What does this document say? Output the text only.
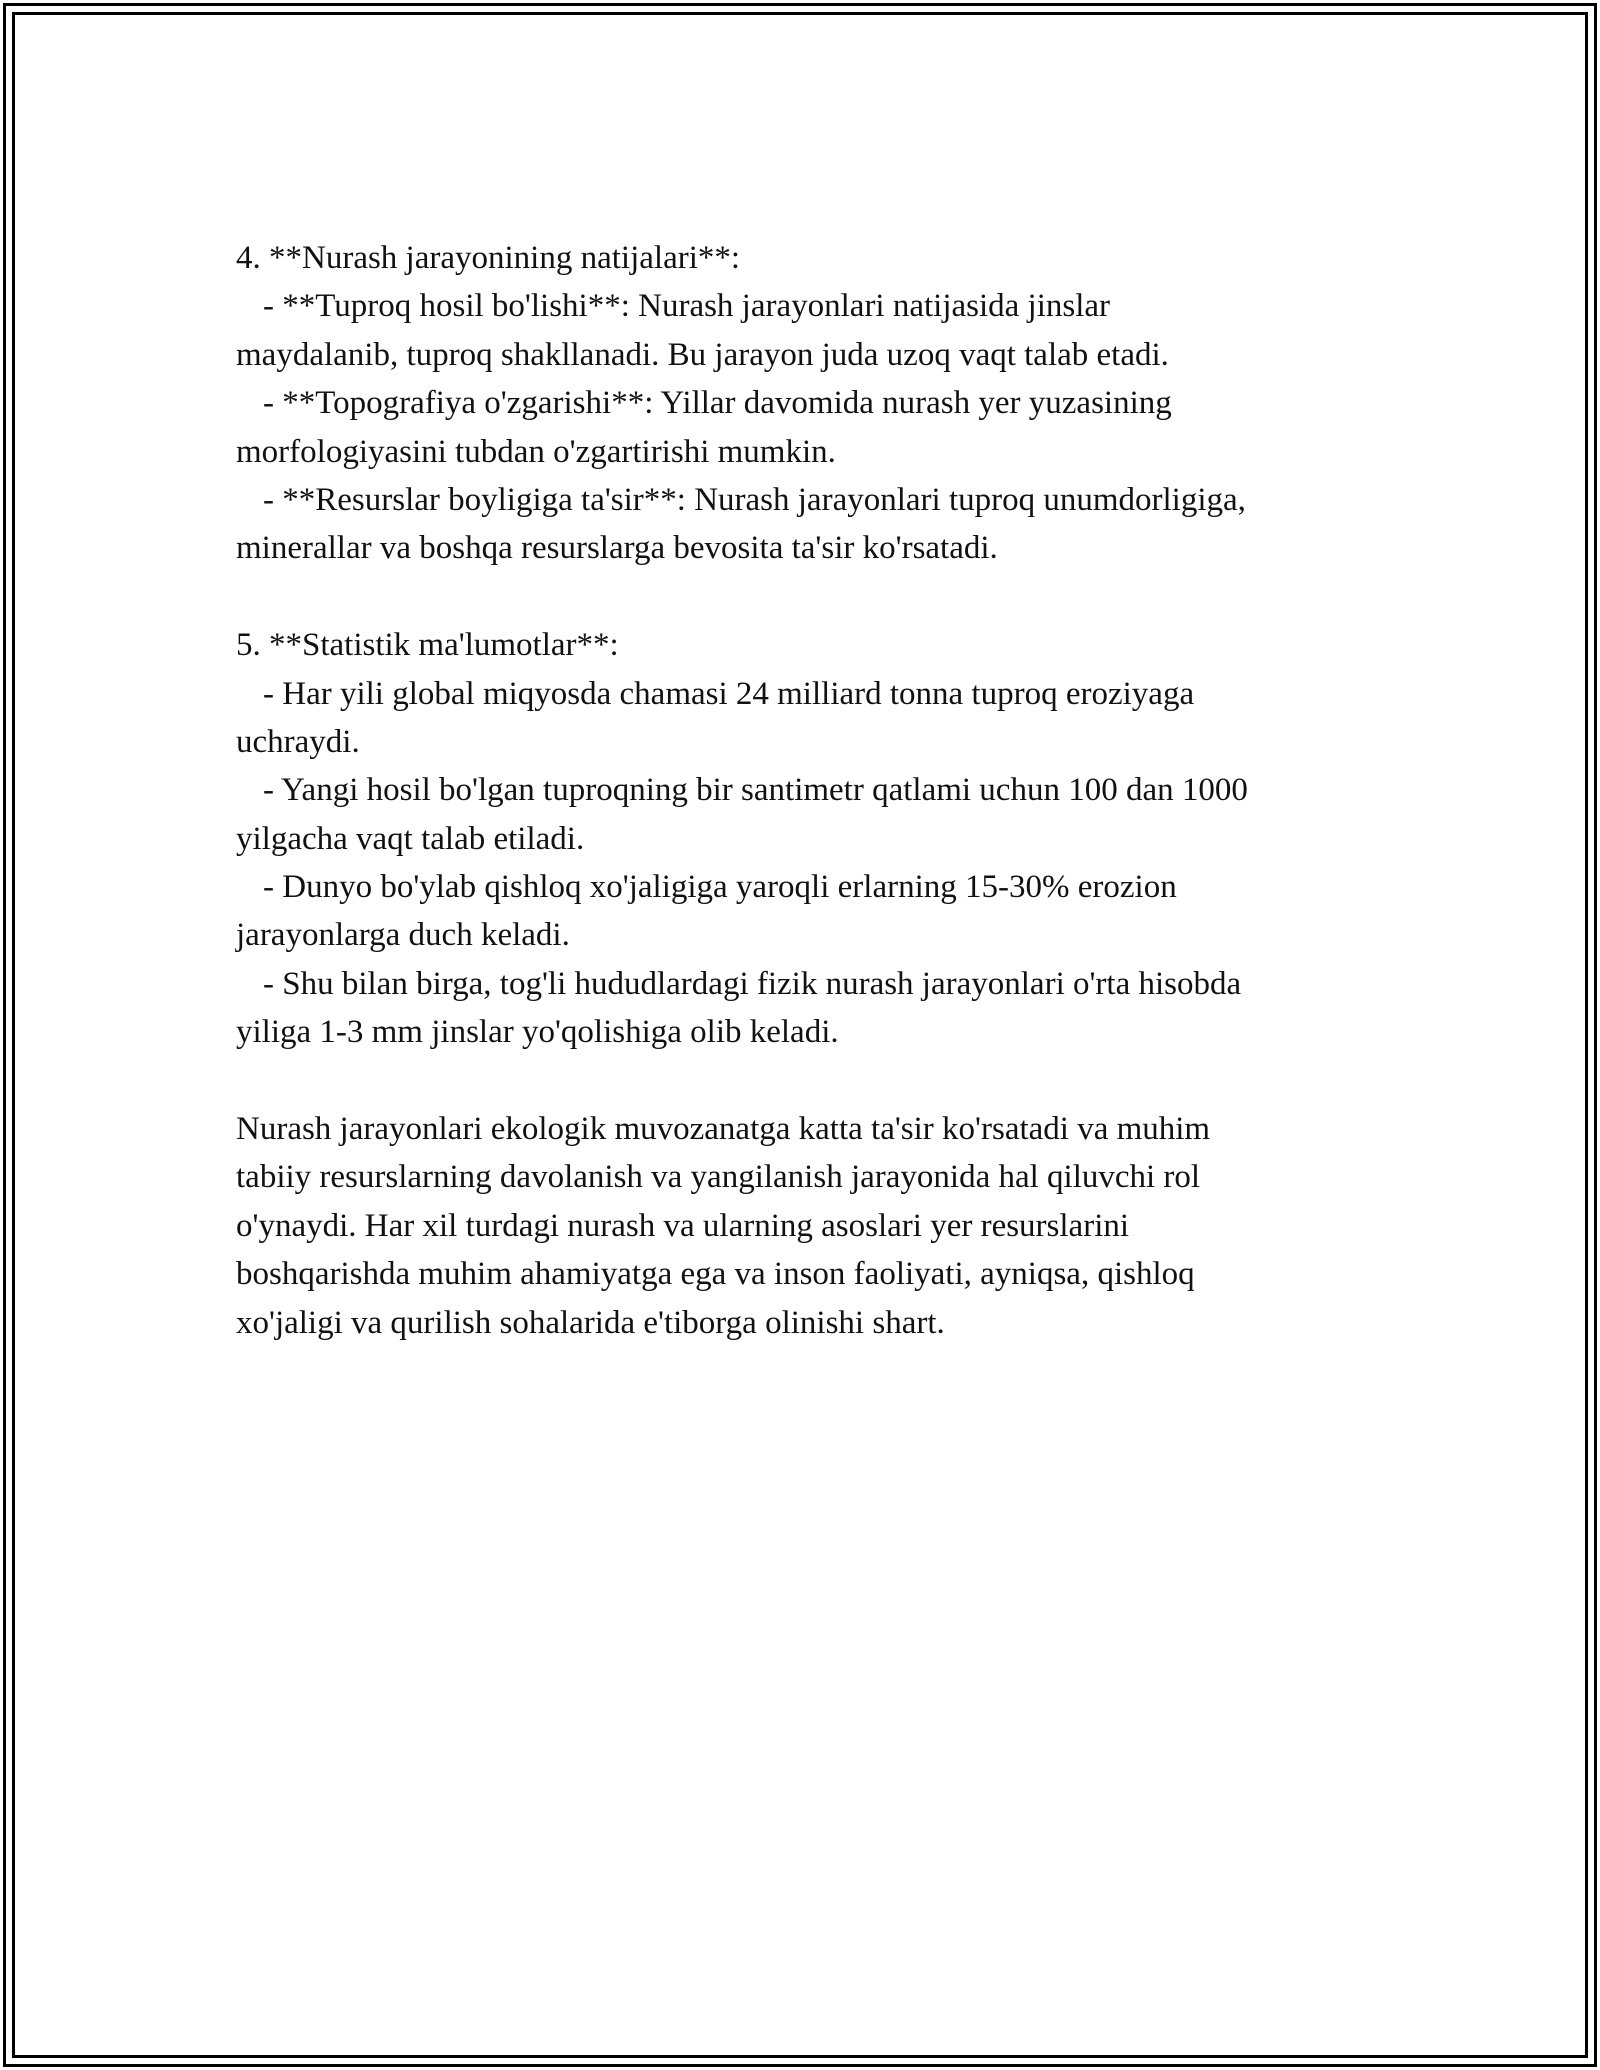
4. **Nurash jarayonining natijalari**:
- **Tuproq hosil bo'lishi**: Nurash jarayonlari natijasida jinslar
maydalanib, tuproq shakllanadi. Bu jarayon juda uzoq vaqt talab etadi.
- **Topografiya o'zgarishi**: Yillar davomida nurash yer yuzasining
morfologiyasini tubdan o'zgartirishi mumkin.
- **Resurslar boyligiga ta'sir**: Nurash jarayonlari tuproq unumdorligiga,
minerallar va boshqa resurslarga bevosita ta'sir ko'rsatadi.
5. **Statistik ma'lumotlar**:
- Har yili global miqyosda chamasi 24 milliard tonna tuproq eroziyaga
uchraydi.
- Yangi hosil bo'lgan tuproqning bir santimetr qatlami uchun 100 dan 1000
yilgacha vaqt talab etiladi.
- Dunyo bo'ylab qishloq xo'jaligiga yaroqli erlarning 15-30% erozion
jarayonlarga duch keladi.
- Shu bilan birga, tog'li hududlardagi fizik nurash jarayonlari o'rta hisobda
yiliga 1-3 mm jinslar yo'qolishiga olib keladi.
Nurash jarayonlari ekologik muvozanatga katta ta'sir ko'rsatadi va muhim
tabiiy resurslarning davolanish va yangilanish jarayonida hal qiluvchi rol
o'ynaydi. Har xil turdagi nurash va ularning asoslari yer resurslarini
boshqarishda muhim ahamiyatga ega va inson faoliyati, ayniqsa, qishloq
xo'jaligi va qurilish sohalarida e'tiborga olinishi shart.
